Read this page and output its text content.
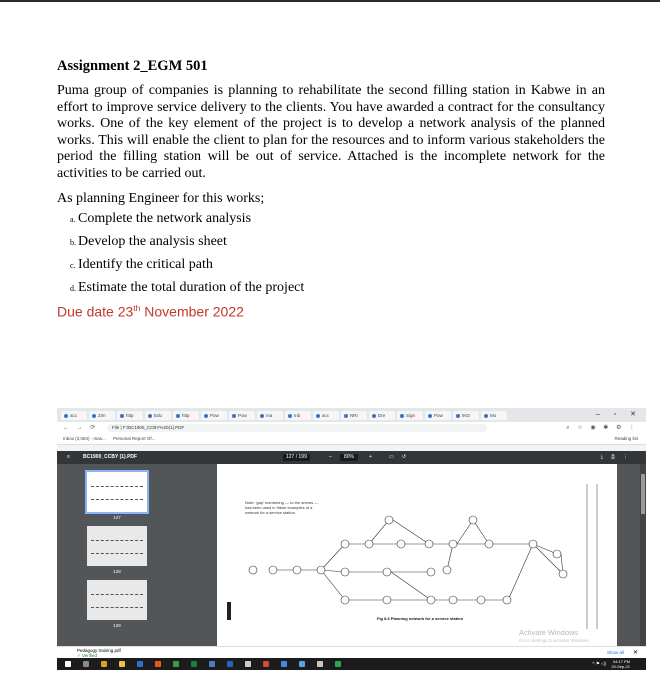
Assignment 2_EGM 501

Puma group of companies is planning to rehabilitate the second filling station in Kabwe in an effort to improve service delivery to the clients. You have awarded a contract for the consultancy works. One of the key element of the project is to develop a network analysis of the planned works. This will enable the client to plan for the resources and to inform various stakeholders the period the filling station will be out of service. Attached is the incomplete network for the activities to be carried out.

As planning Engineer for this works;

a. Complete the network analysis
b. Develop the analysis sheet
c. Identify the critical path
d. Estimate the total duration of the project
Due date 23th November 2022
– ▫ ✕
acc	Zim	http	Edu	http	Pow	Pow	ma	Inb	acc	NRI	Dre	Sign	Pow	INO	Mo
← → ⟳	File | F:/BC1900_CCBY%20(1).PDF	⌕ ☆ ◉ ✱ ⚙ ⋮
Inbox (3,084) - mas... Personal Report Of...	Reading list
≡	BC1900_CCBY (1).PDF	127 / 199	–	80%	+	▭↺	⤓⎙⋮
127
128
129
Note: 'gap' numbering — to the arrows — has been used in these examples of a network for a service station.
Fig 8.6 Planning network for a service station
Pedagogy training.pdf
✓ Verified
Show all ✕
Activate Windows
Go to Settings to activate Windows.
^ ⚑ ◁)	04:17 PM
29-Sep-21
